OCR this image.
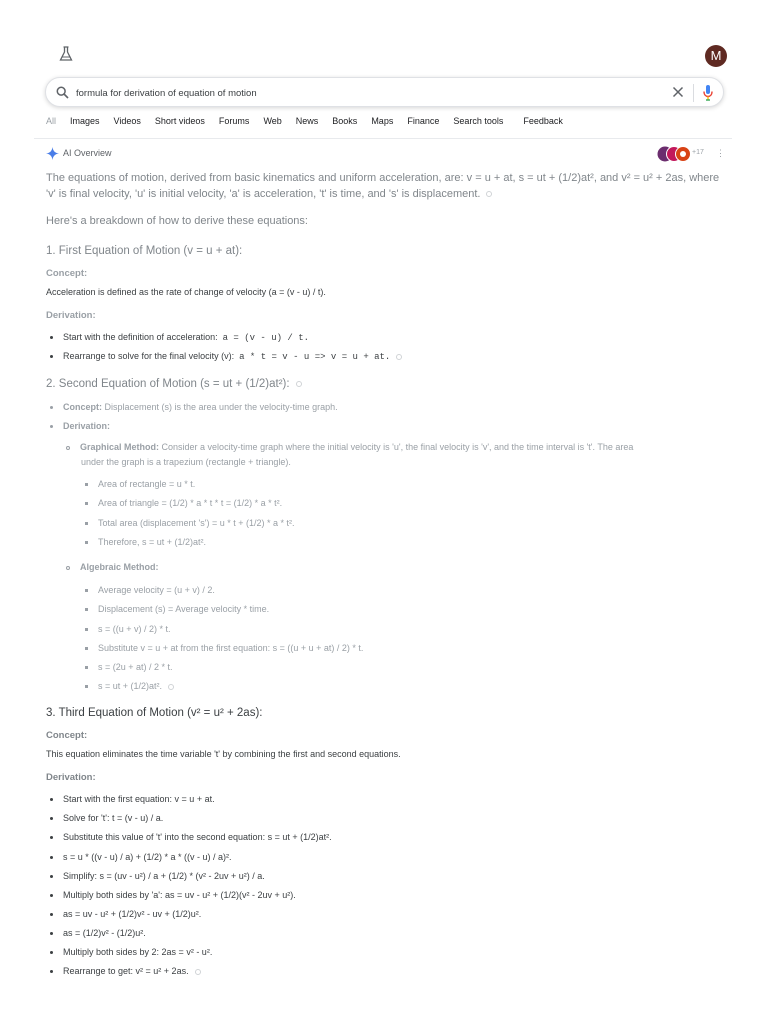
M
formula for derivation of equation of motion
All Images Videos Short videos Forums Web News Books Maps Finance Search tools Feedback
AI Overview	+17 ⋮
The equations of motion, derived from basic kinematics and uniform acceleration, are: v = u + at, s = ut + (1/2)at², and v² = u² + 2as, where 'v' is final velocity, 'u' is initial velocity, 'a' is acceleration, 't' is time, and 's' is displacement.
Here's a breakdown of how to derive these equations:
1. First Equation of Motion (v = u + at):
Concept:
Acceleration is defined as the rate of change of velocity (a = (v - u) / t).
Derivation:
Start with the definition of acceleration: a = (v - u) / t.
Rearrange to solve for the final velocity (v): a * t = v - u => v = u + at.
2. Second Equation of Motion (s = ut + (1/2)at²):
Concept: Displacement (s) is the area under the velocity-time graph.
Derivation:
Graphical Method: Consider a velocity-time graph where the initial velocity is 'u', the final velocity is 'v', and the time interval is 't'. The area
under the graph is a trapezium (rectangle + triangle).
Area of rectangle = u * t.
Area of triangle = (1/2) * a * t * t = (1/2) * a * t².
Total area (displacement 's') = u * t + (1/2) * a * t².
Therefore, s = ut + (1/2)at².
Algebraic Method:
Average velocity = (u + v) / 2.
Displacement (s) = Average velocity * time.
s = ((u + v) / 2) * t.
Substitute v = u + at from the first equation: s = ((u + u + at) / 2) * t.
s = (2u + at) / 2 * t.
s = ut + (1/2)at².
3. Third Equation of Motion (v² = u² + 2as):
Concept:
This equation eliminates the time variable 't' by combining the first and second equations.
Derivation:
Start with the first equation: v = u + at.
Solve for 't': t = (v - u) / a.
Substitute this value of 't' into the second equation: s = ut + (1/2)at².
s = u * ((v - u) / a) + (1/2) * a * ((v - u) / a)².
Simplify: s = (uv - u²) / a + (1/2) * (v² - 2uv + u²) / a.
Multiply both sides by 'a': as = uv - u² + (1/2)(v² - 2uv + u²).
as = uv - u² + (1/2)v² - uv + (1/2)u².
as = (1/2)v² - (1/2)u².
Multiply both sides by 2: 2as = v² - u².
Rearrange to get: v² = u² + 2as.
